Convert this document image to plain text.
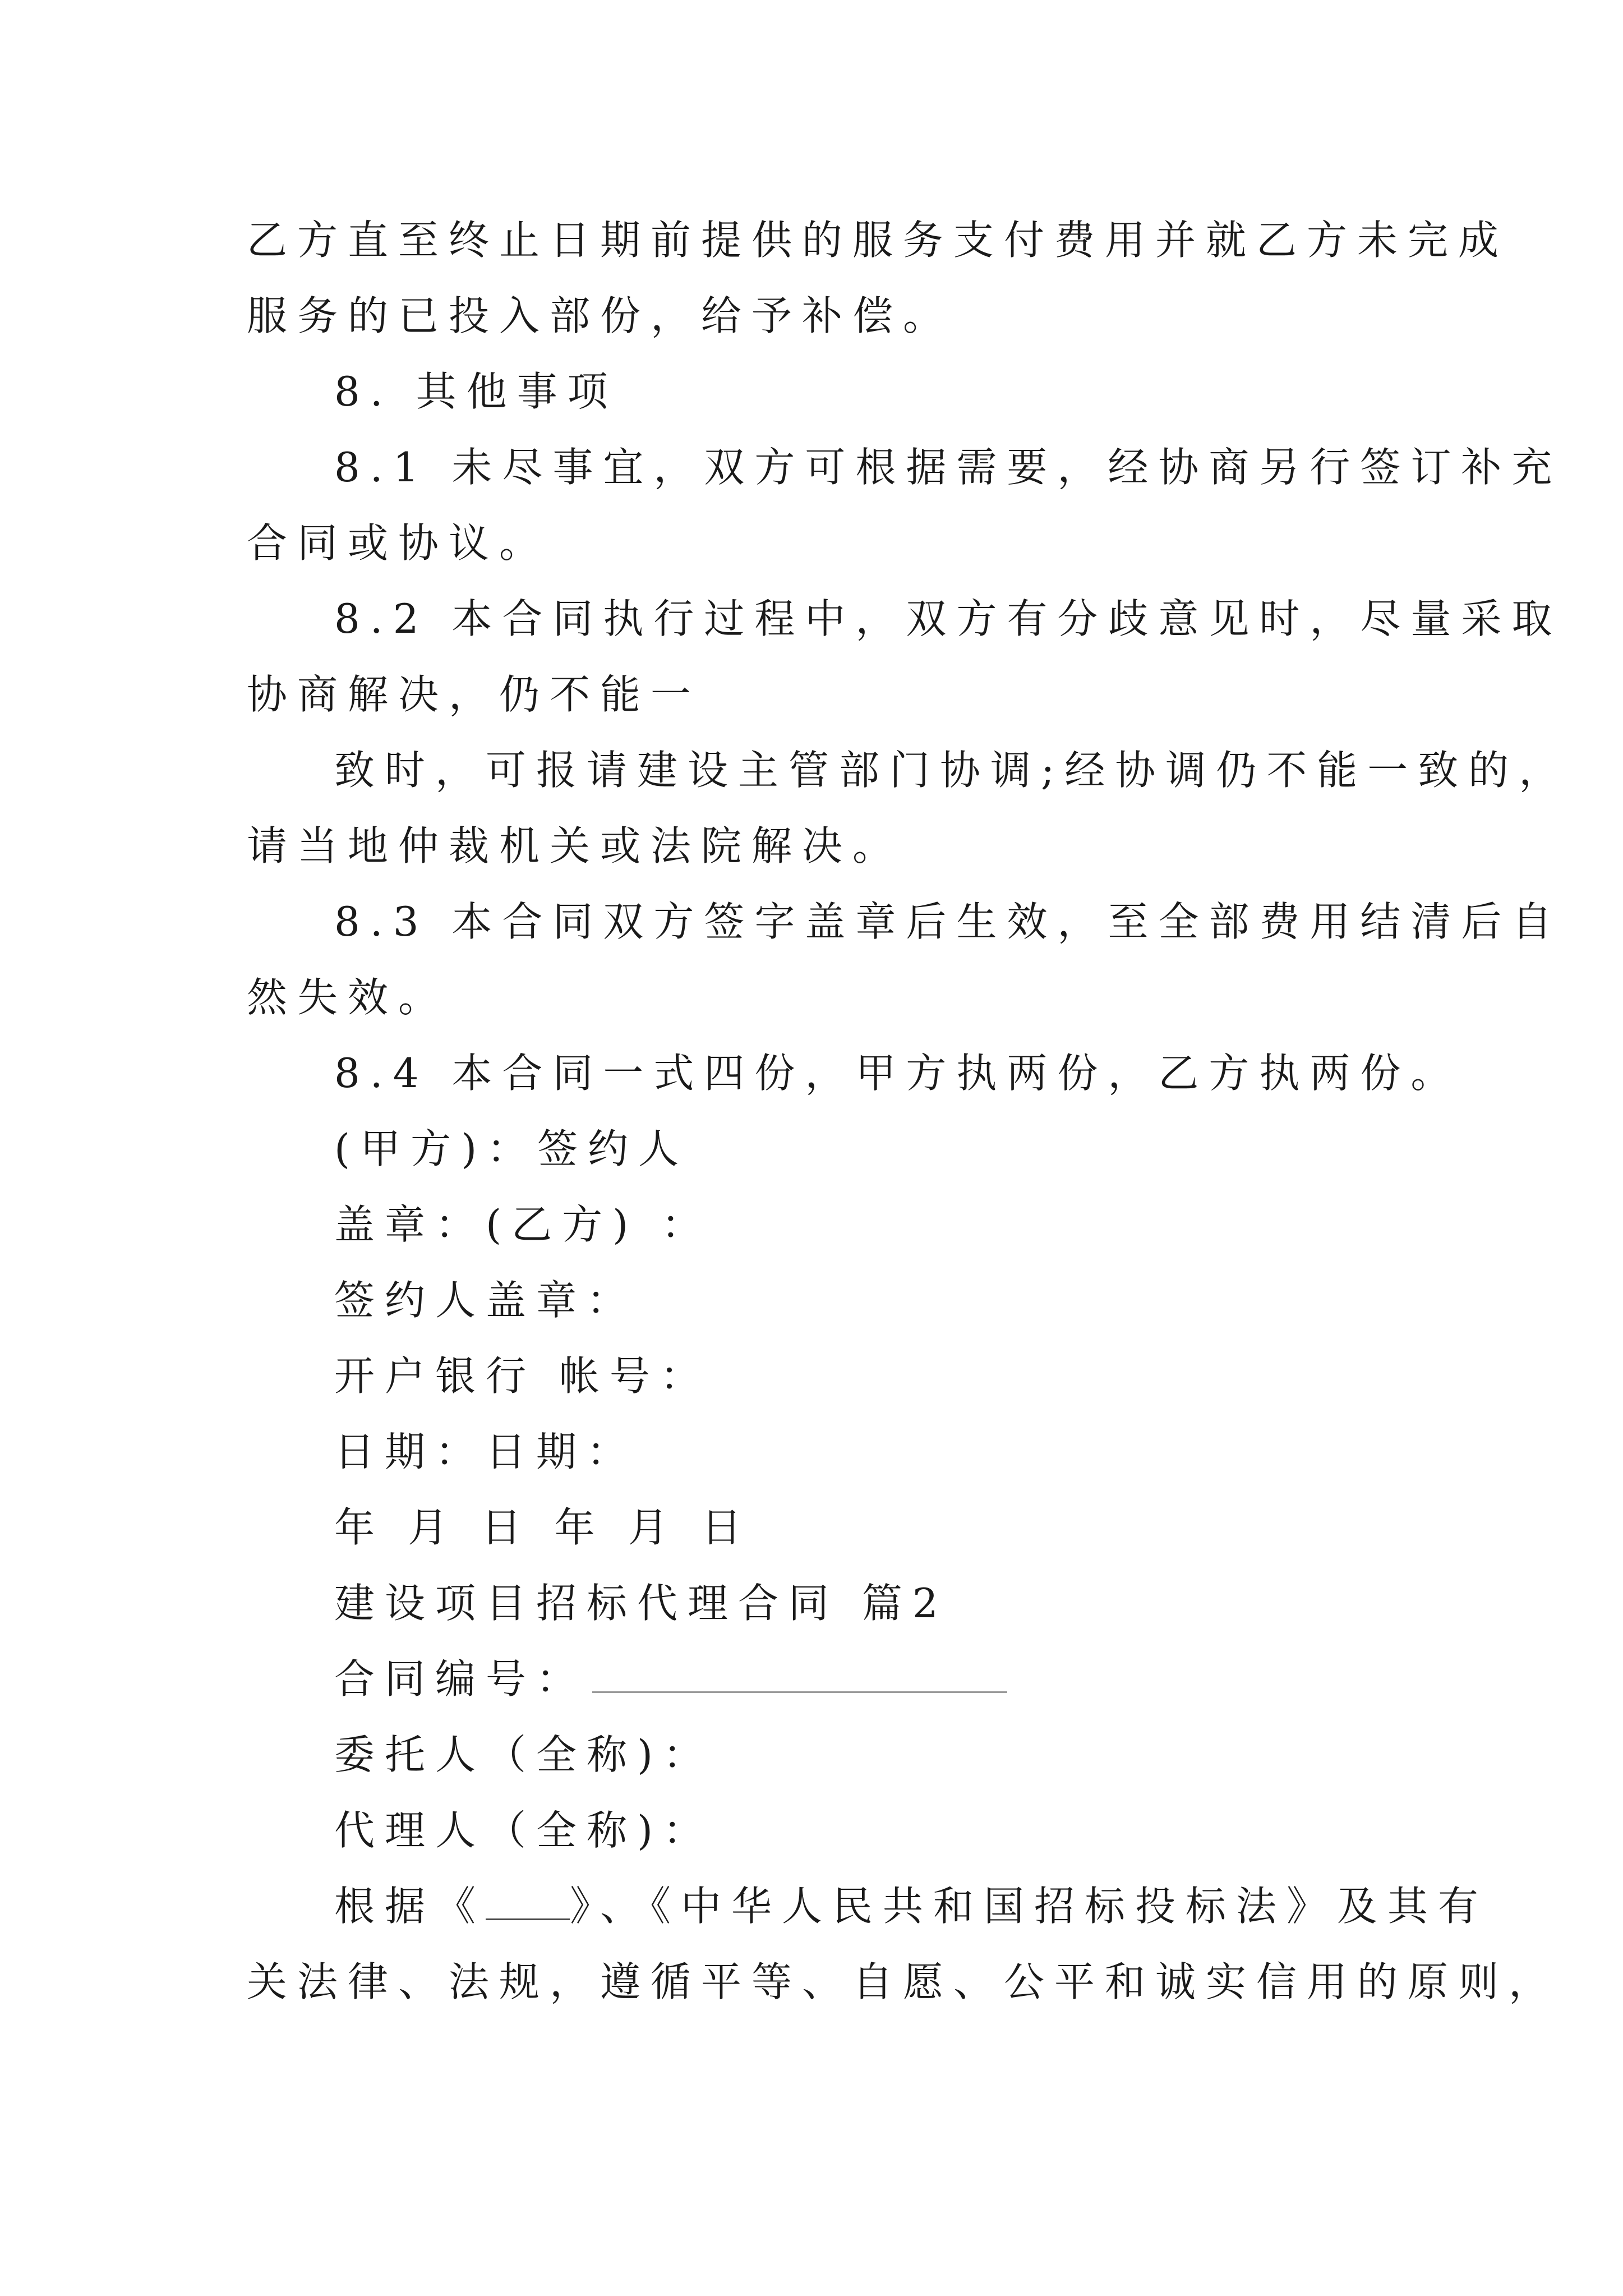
乙方直至终止日期前提供的服务支付费用并就乙方未完成
服务的已投入部份，给予补偿。
8. 其他事项
8.1 未尽事宜，双方可根据需要，经协商另行签订补充
合同或协议。
8.2 本合同执行过程中，双方有分歧意见时，尽量采取
协商解决，仍不能一
致时，可报请建设主管部门协调;经协调仍不能一致的，
请当地仲裁机关或法院解决。
8.3 本合同双方签字盖章后生效，至全部费用结清后自
然失效。
8.4 本合同一式四份，甲方执两份，乙方执两份。
(甲方)：签约人
盖章：(乙方) ：
签约人盖章：
开户银行 帐号：
日期：日期：
年 月 日 年 月 日
建设项目招标代理合同 篇2
合同编号：
委托人（全称)：
代理人（全称)：
根据《 》、《中华人民共和国招标投标法》及其有
关法律、法规，遵循平等、自愿、公平和诚实信用的原则，
